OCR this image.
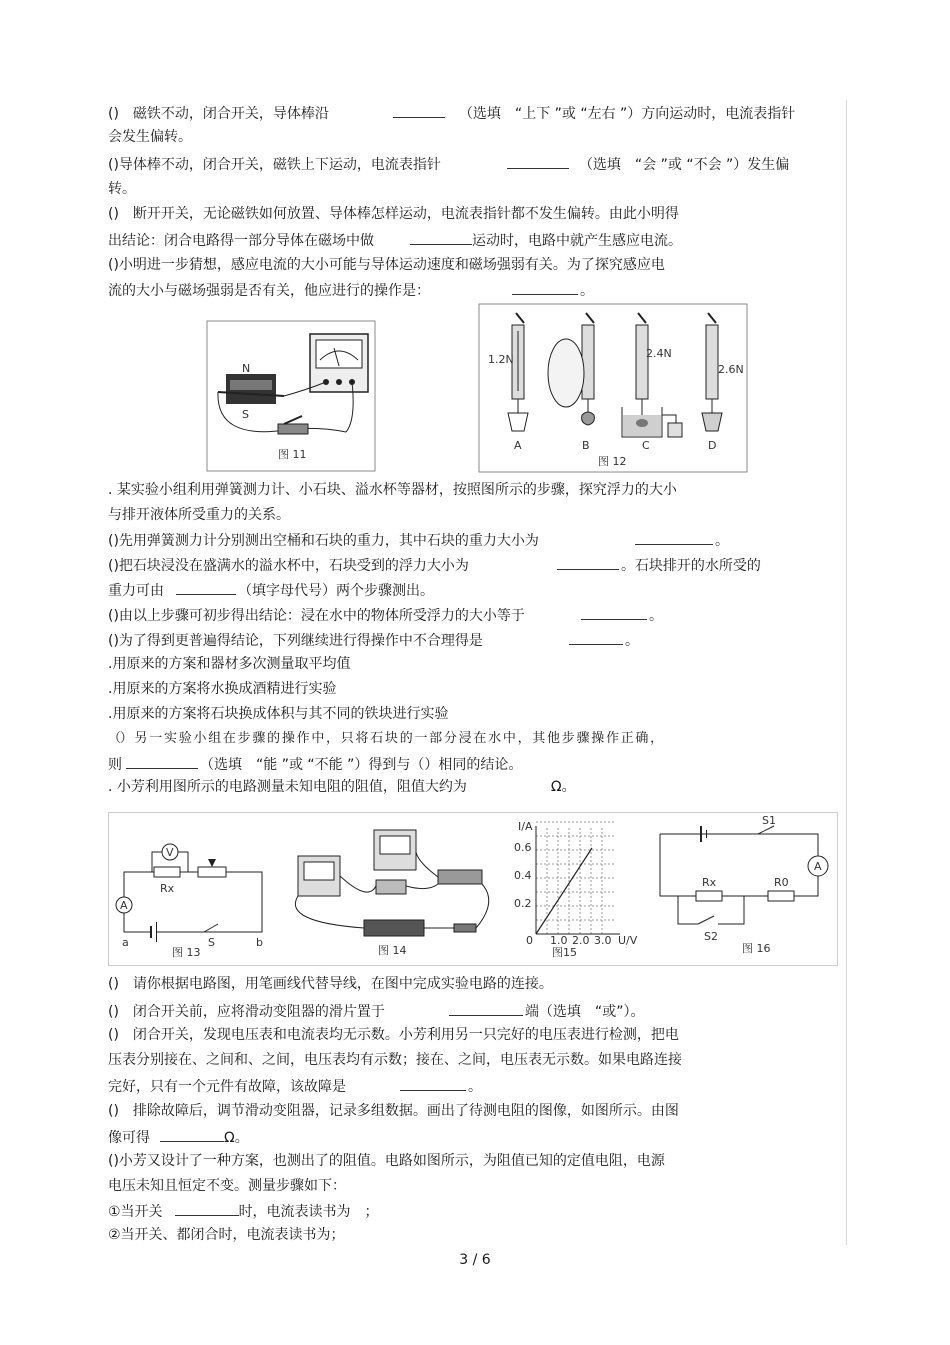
()　磁铁不动，闭合开关，导体棒沿	（选填　“上下 ”或 “左右 ”）方向运动时，电流表指针
会发生偏转。
()导体棒不动，闭合开关，磁铁上下运动，电流表指针	（选填　“会 ”或 “不会 ”）发生偏
转。
()　断开开关，无论磁铁如何放置、导体棒怎样运动，电流表指针都不发生偏转。由此小明得
出结论：闭合电路得一部分导体在磁场中做	运动时，电路中就产生感应电流。
()小明进一步猜想，感应电流的大小可能与导体运动速度和磁场强弱有关。为了探究感应电
流的大小与磁场强弱是否有关，他应进行的操作是：	。
N
S
图 11
1.2N	2.4N
2.6N
A	B	C	D
图 12
. 某实验小组利用弹簧测力计、小石块、溢水杯等器材，按照图所示的步骤，探究浮力的大小
与排开液体所受重力的关系。
()先用弹簧测力计分别测出空桶和石块的重力，其中石块的重力大小为	。
()把石块浸没在盛满水的溢水杯中，石块受到的浮力大小为	。石块排开的水所受的
重力可由	（填字母代号）两个步骤测出。
()由以上步骤可初步得出结论：浸在水中的物体所受浮力的大小等于	。
()为了得到更普遍得结论，下列继续进行得操作中不合理得是	。
.用原来的方案和器材多次测量取平均值
.用原来的方案将水换成酒精进行实验
.用原来的方案将石块换成体积与其不同的铁块进行实验
（） 另 一 实 验 小 组 在 步 骤 的 操 作 中 ， 只 将 石 块 的 一 部 分 浸 在 水 中 ， 其 他 步 骤 操 作 正 确 ，
则	（选填　“能 ”或 “不能 ”）得到与（）相同的结论。
. 小芳利用图所示的电路测量未知电阻的阻值，阻值大约为	Ω。
A
V
Rx
S
a	b
图 13	图 14
I/A
U/V
0.6
0.4
0.2
0 1.0 2.0 3.0
图15
S1
A
Rx	R0
S2
图 16
()　请你根据电路图，用笔画线代替导线，在图中完成实验电路的连接。
()　闭合开关前，应将滑动变阻器的滑片置于	端（选填　“或”）。
()　闭合开关，发现电压表和电流表均无示数。小芳利用另一只完好的电压表进行检测，把电
压表分别接在、之间和、之间，电压表均有示数；接在、之间，电压表无示数。如果电路连接
完好，只有一个元件有故障，该故障是	。
()　排除故障后，调节滑动变阻器，记录多组数据。画出了待测电阻的图像，如图所示。由图
像可得	Ω。
()小芳又设计了一种方案，也测出了的阻值。电路如图所示，为阻值已知的定值电阻，电源
电压未知且恒定不变。测量步骤如下：
①当开关	时，电流表读书为　；
②当开关、都闭合时，电流表读书为；
3 / 6
